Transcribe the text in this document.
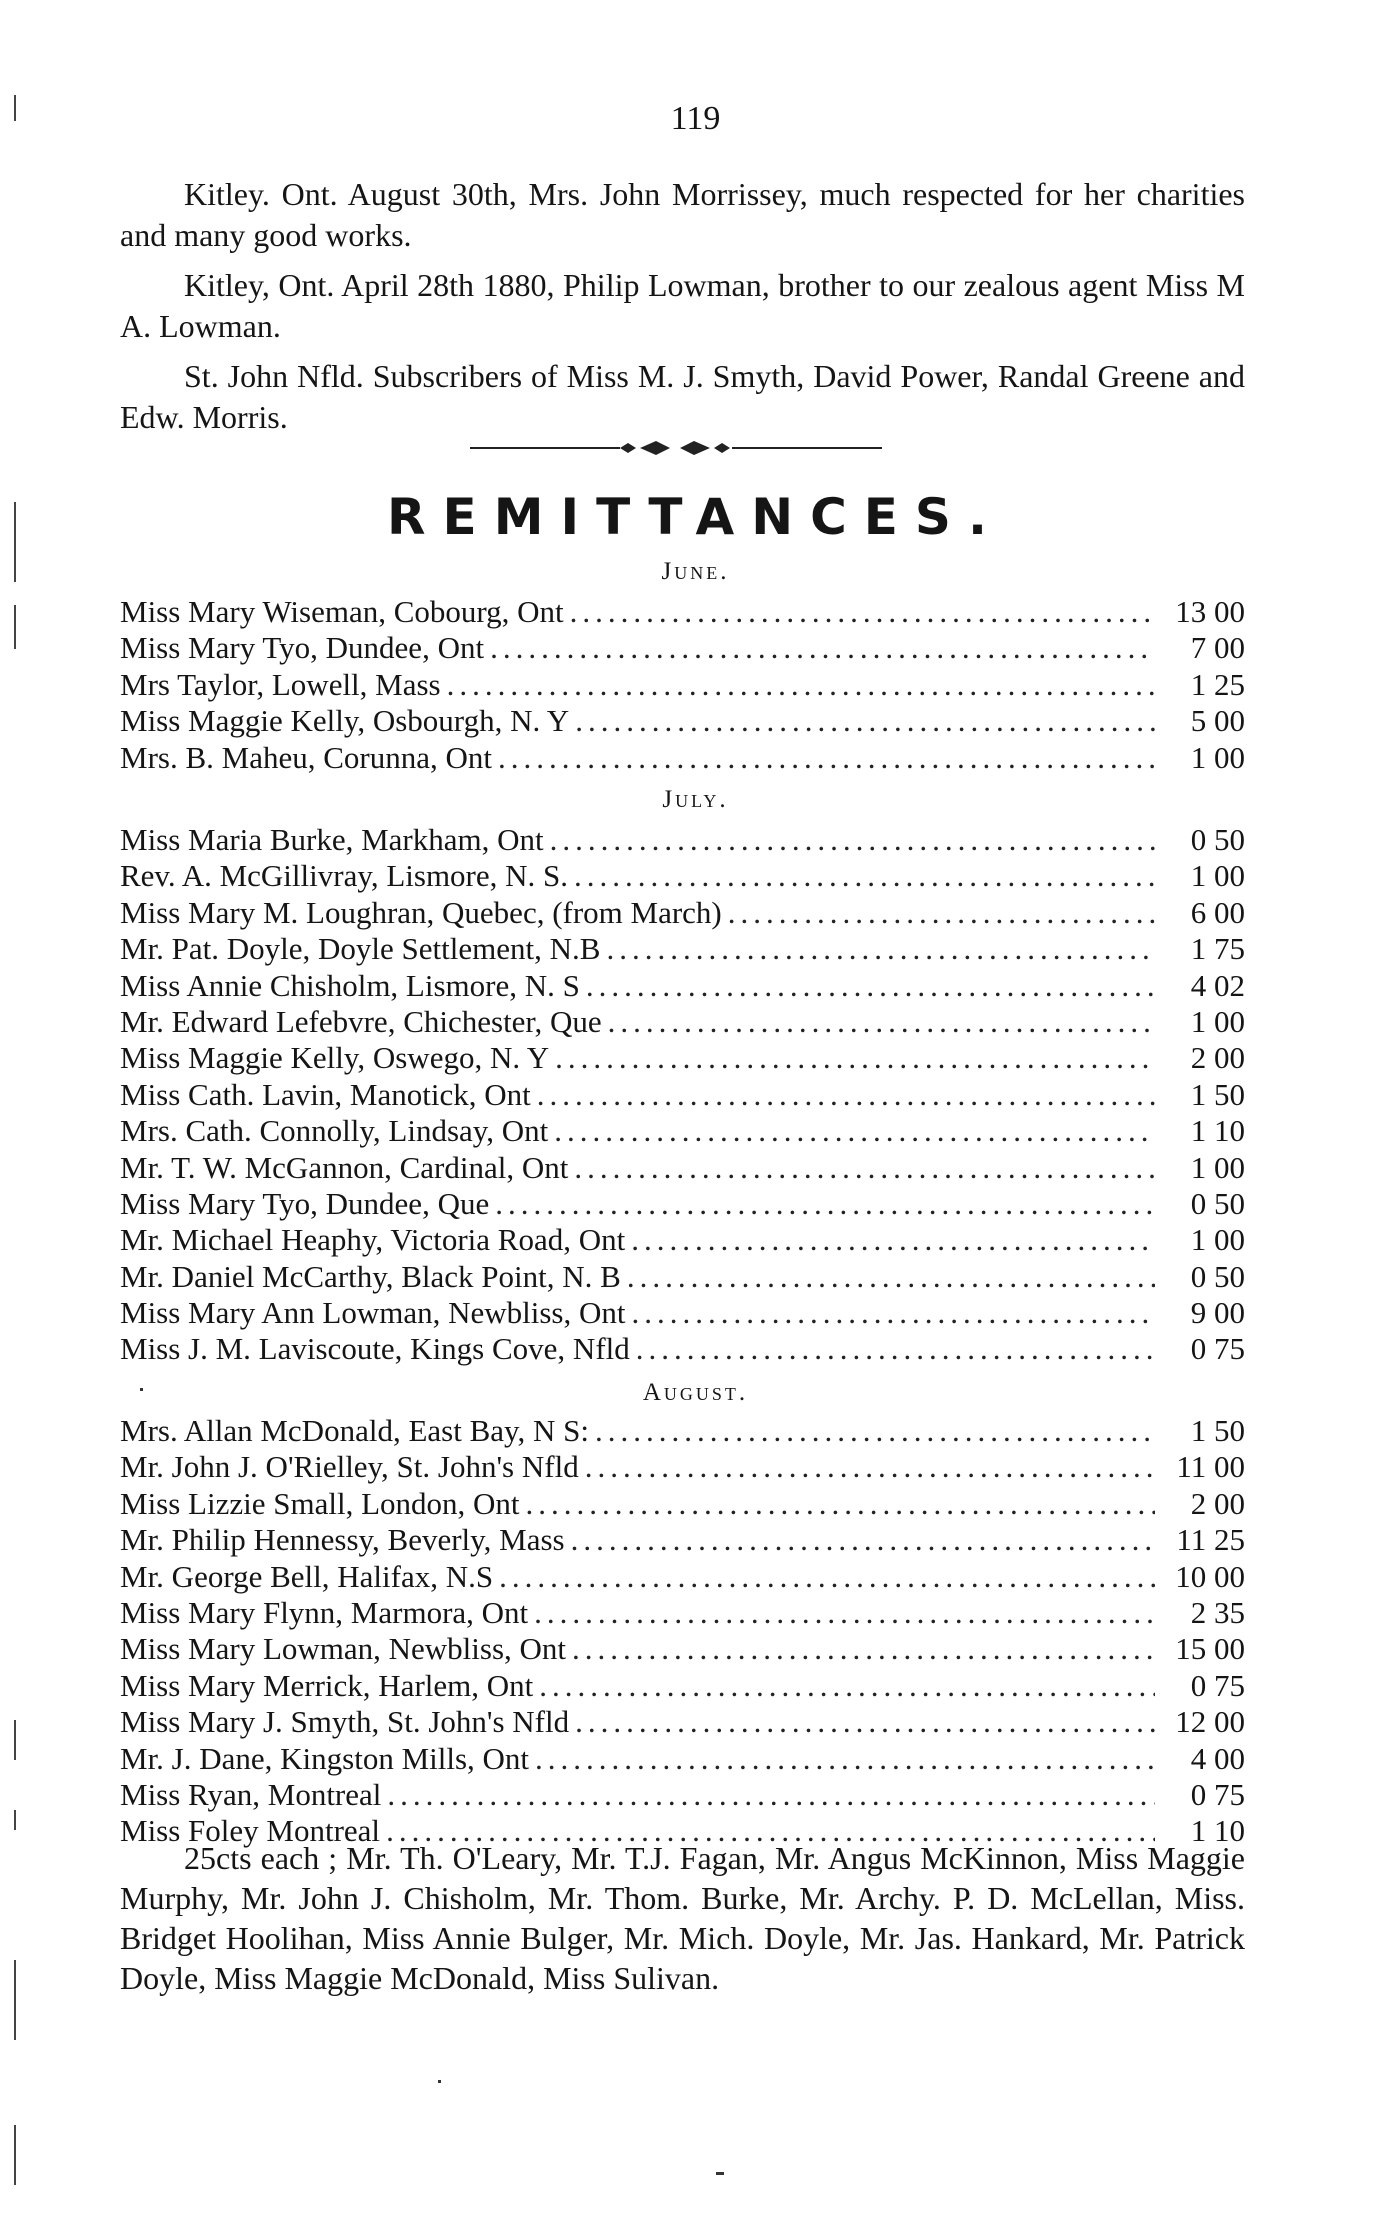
119

Kitley. Ont. August 30th, Mrs. John Morrissey, much respected for her charities and many good works.

Kitley, Ont. April 28th 1880, Philip Lowman, brother to our zealous agent Miss M A. Lowman.

St. John Nfld. Subscribers of Miss M. J. Smyth, David Power, Randal Greene and Edw. Morris.

REMITTANCES.
June.
Miss Mary Wiseman, Cobourg, Ont .....	13 00
Miss Mary Tyo, Dundee, Ont .....	7 00
Mrs Taylor, Lowell, Mass .....	1 25
Miss Maggie Kelly, Osbourgh, N. Y .....	5 00
Mrs. B. Maheu, Corunna, Ont .....	1 00
July.
Miss Maria Burke, Markham, Ont .....	0 50
Rev. A. McGillivray, Lismore, N. S. .....	1 00
Miss Mary M. Loughran, Quebec, (from March) .....	6 00
Mr. Pat. Doyle, Doyle Settlement, N.B .....	1 75
Miss Annie Chisholm, Lismore, N. S .....	4 02
Mr. Edward Lefebvre, Chichester, Que .....	1 00
Miss Maggie Kelly, Oswego, N. Y .....	2 00
Miss Cath. Lavin, Manotick, Ont .....	1 50
Mrs. Cath. Connolly, Lindsay, Ont .....	1 10
Mr. T. W. McGannon, Cardinal, Ont .....	1 00
Miss Mary Tyo, Dundee, Que .....	0 50
Mr. Michael Heaphy, Victoria Road, Ont .....	1 00
Mr. Daniel McCarthy, Black Point, N. B .....	0 50
Miss Mary Ann Lowman, Newbliss, Ont .....	9 00
Miss J. M. Laviscoute, Kings Cove, Nfld .....	0 75
August.
Mrs. Allan McDonald, East Bay, N S: .....	1 50
Mr. John J. O'Rielley, St. John's Nfld .....	11 00
Miss Lizzie Small, London, Ont .....	2 00
Mr. Philip Hennessy, Beverly, Mass .....	11 25
Mr. George Bell, Halifax, N.S .....	10 00
Miss Mary Flynn, Marmora, Ont .....	2 35
Miss Mary Lowman, Newbliss, Ont .....	15 00
Miss Mary Merrick, Harlem, Ont .....	0 75
Miss Mary J. Smyth, St. John's Nfld .....	12 00
Mr. J. Dane, Kingston Mills, Ont .....	4 00
Miss Ryan, Montreal .....	0 75
Miss Foley Montreal .....	1 10

25cts each ; Mr. Th. O'Leary, Mr. T.J. Fagan, Mr. Angus McKinnon, Miss Maggie Murphy, Mr. John J. Chisholm, Mr. Thom. Burke, Mr. Archy. P. D. McLellan, Miss. Bridget Hoolihan, Miss Annie Bulger, Mr. Mich. Doyle, Mr. Jas. Hankard, Mr. Patrick Doyle, Miss Maggie McDonald, Miss Sulivan.
